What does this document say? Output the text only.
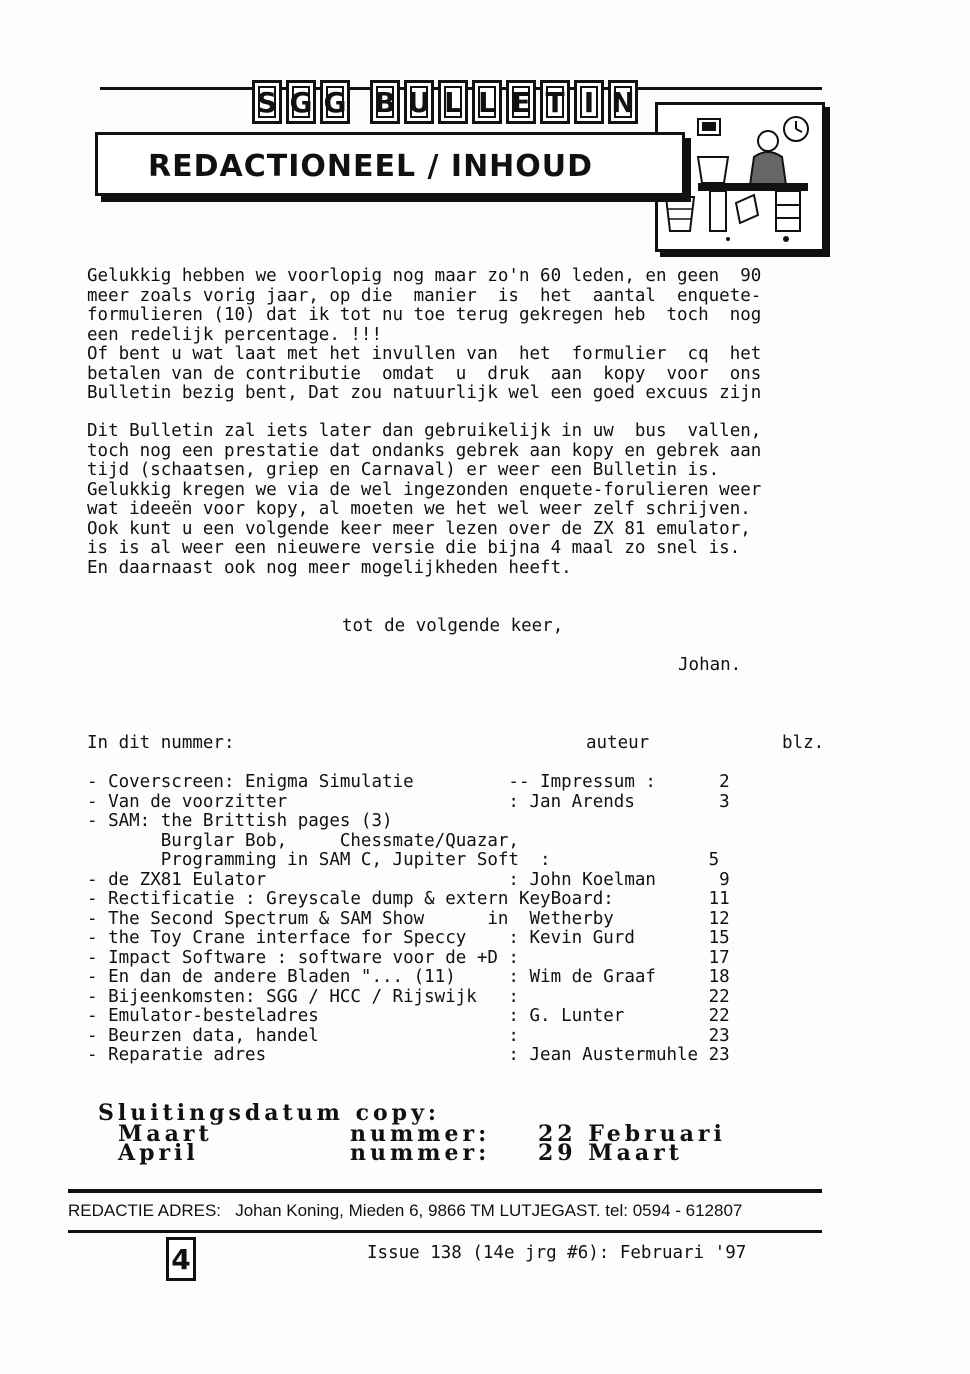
S G G B U L L E T I N
REDACTIONEEL / INHOUD
Gelukkig hebben we voorlopig nog maar zo'n 60 leden, en geen  90
meer zoals vorig jaar, op die  manier  is  het  aantal  enquete-
formulieren (10) dat ik tot nu toe terug gekregen heb  toch  nog
een redelijk percentage. !!!
Of bent u wat laat met het invullen van  het  formulier  cq  het
betalen van de contributie  omdat  u  druk  aan  kopy  voor  ons
Bulletin bezig bent, Dat zou natuurlijk wel een goed excuus zijn
Dit Bulletin zal iets later dan gebruikelijk in uw  bus  vallen,
toch nog een prestatie dat ondanks gebrek aan kopy en gebrek aan
tijd (schaatsen, griep en Carnaval) er weer een Bulletin is.
Gelukkig kregen we via de wel ingezonden enquete-forulieren weer
wat ideeën voor kopy, al moeten we het wel weer zelf schrijven.
Ook kunt u een volgende keer meer lezen over de ZX 81 emulator,
is is al weer een nieuwere versie die bijna 4 maal zo snel is.
En daarnaast ook nog meer mogelijkheden heeft.
tot de volgende keer,
Johan.
In dit nummer:	auteur	blz.
- Coverscreen: Enigma Simulatie         -- Impressum :      2
- Van de voorzitter                     : Jan Arends        3
- SAM: the Brittish pages (3)
Burglar Bob,     Chessmate/Quazar,
Programming in SAM C, Jupiter Soft  :               5
- de ZX81 Eulator                       : John Koelman      9
- Rectificatie : Greyscale dump & extern KeyBoard:         11
- The Second Spectrum & SAM Show      in  Wetherby         12
- the Toy Crane interface for Speccy    : Kevin Gurd       15
- Impact Software : software voor de +D :                  17
- En dan de andere Bladen "... (11)     : Wim de Graaf     18
- Bijeenkomsten: SGG / HCC / Rijswijk   :                  22
- Emulator-besteladres                  : G. Lunter        22
- Beurzen data, handel                  :                  23
- Reparatie adres                       : Jean Austermuhle 23
Sluitingsdatum copy:
Maart	nummer: 22 Februari
April	nummer: 29 Maart
REDACTIE ADRES:   Johan Koning, Mieden 6, 9866 TM LUTJEGAST. tel: 0594 - 612807
4	Issue 138 (14e jrg #6): Februari '97
